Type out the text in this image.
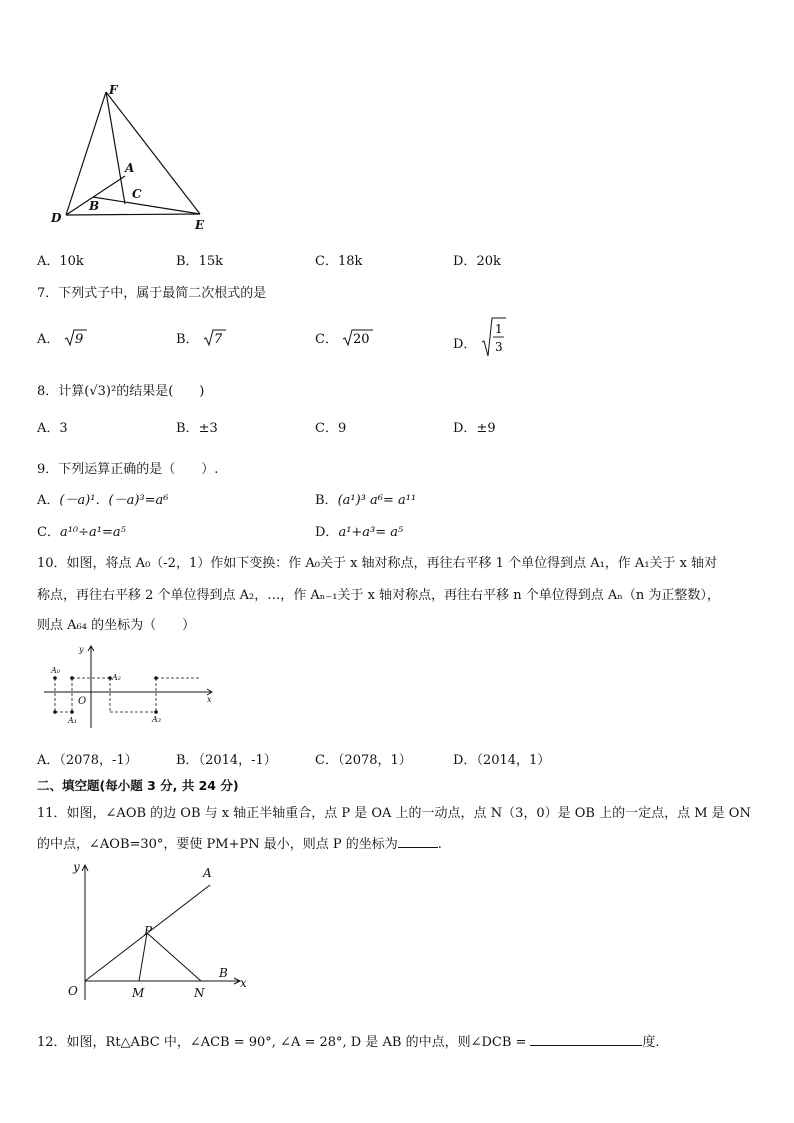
F
A
C
B
D	E
A．10k	B．15k	C．18k	D．20k
7．下列式子中，属于最简二次根式的是
A． 9	B． 7	C． 20	D．
1
3
8．计算(√3)²的结果是(　　)
A．3	B．±3	C．9	D．±9
9．下列运算正确的是（　　）.
A．(－a)¹．(－a)³=a⁶	B．(a¹)³ a⁶= a¹¹
C．a¹⁰÷a¹=a⁵	D．a¹+a³= a⁵
10．如图，将点 A₀（-2，1）作如下变换：作 A₀关于 x 轴对称点，再往右平移 1 个单位得到点 A₁，作 A₁关于 x 轴对
称点，再往右平移 2 个单位得到点 A₂，…，作 Aₙ₋₁关于 x 轴对称点，再往右平移 n 个单位得到点 Aₙ（n 为正整数），
则点 A₆₄ 的坐标为（　　）
y
x
O
A₀
A₁
A₂
A₃
A．（2078，-1）	B．（2014，-1）	C．（2078，1）	D．（2014，1）
二、填空题(每小题 3 分, 共 24 分)
11．如图，∠AOB 的边 OB 与 x 轴正半轴重合，点 P 是 OA 上的一动点，点 N（3，0）是 OB 上的一定点，点 M 是 ON
的中点，∠AOB=30°，要使 PM+PN 最小，则点 P 的坐标为	.
y
x
O
A
B
P
M	N
12．如图，Rt△ABC 中，∠ACB = 90°, ∠A = 28°, D 是 AB 的中点，则∠DCB =	度.
